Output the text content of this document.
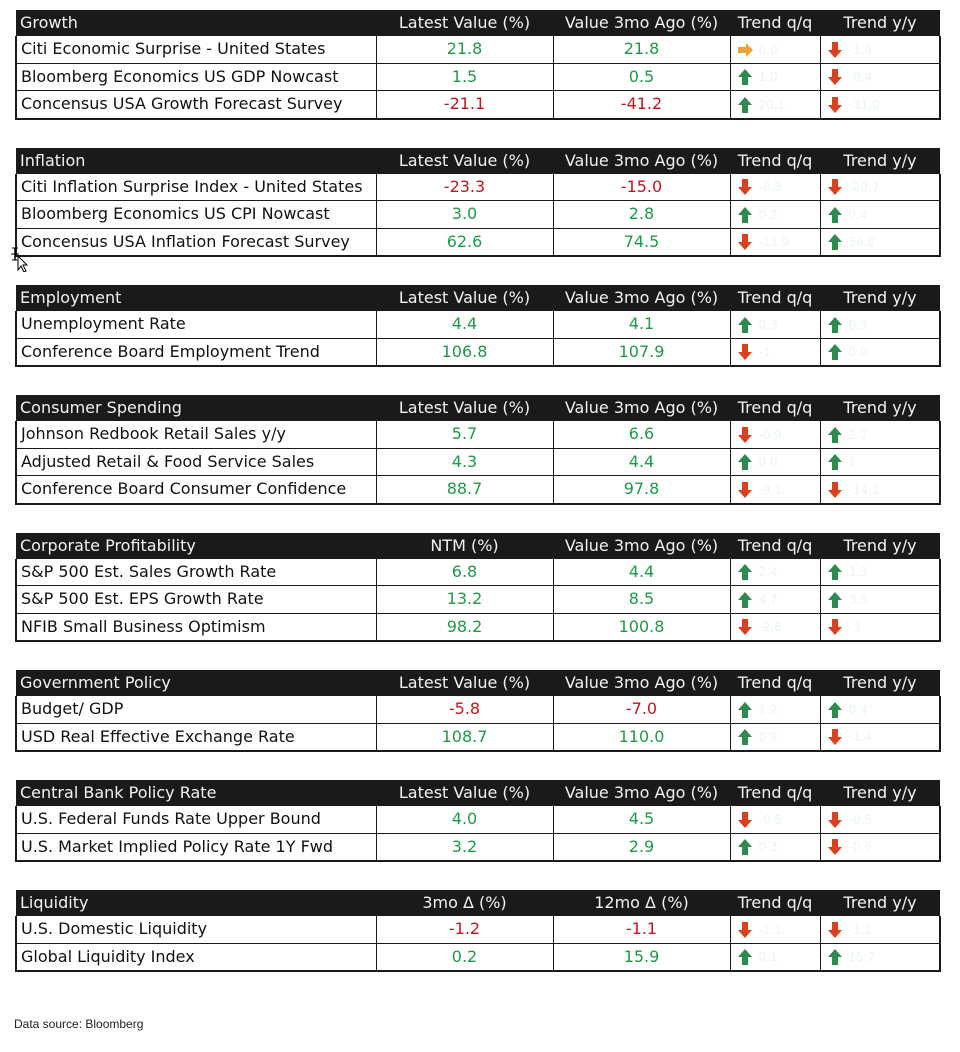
Growth	Latest Value (%)	Value 3mo Ago (%)	Trend q/q	Trend y/y
Citi Economic Surprise - United States	21.8	21.8	0.0	-1.4
Bloomberg Economics US GDP Nowcast	1.5	0.5	1.0	-0.4
Concensus USA Growth Forecast Survey	-21.1	-41.2	20.1	-31.0
Inflation	Latest Value (%)	Value 3mo Ago (%)	Trend q/q	Trend y/y
Citi Inflation Surprise Index - United States	-23.3	-15.0	-8.3	-20.7
Bloomberg Economics US CPI Nowcast	3.0	2.8	0.2	0.4
Concensus USA Inflation Forecast Survey	62.6	74.5	-11.9	50.0
Employment	Latest Value (%)	Value 3mo Ago (%)	Trend q/q	Trend y/y
Unemployment Rate	4.4	4.1	0.3	0.3
Conference Board Employment Trend	106.8	107.9	-1	0.0
Consumer Spending	Latest Value (%)	Value 3mo Ago (%)	Trend q/q	Trend y/y
Johnson Redbook Retail Sales y/y	5.7	6.6	-0.9	2.2
Adjusted Retail & Food Service Sales	4.3	4.4	0.0	1
Conference Board Consumer Confidence	88.7	97.8	-9.1	-14.1
Corporate Profitability	NTM (%)	Value 3mo Ago (%)	Trend q/q	Trend y/y
S&P 500 Est. Sales Growth Rate	6.8	4.4	2.4	1.3
S&P 500 Est. EPS Growth Rate	13.2	8.5	4.7	3.5
NFIB Small Business Optimism	98.2	100.8	-2.6	-3
Government Policy	Latest Value (%)	Value 3mo Ago (%)	Trend q/q	Trend y/y
Budget/ GDP	-5.8	-7.0	1.2	0.4
USD Real Effective Exchange Rate	108.7	110.0	0.9	-1.4
Central Bank Policy Rate	Latest Value (%)	Value 3mo Ago (%)	Trend q/q	Trend y/y
U.S. Federal Funds Rate Upper Bound	4.0	4.5	-0.5	-0.5
U.S. Market Implied Policy Rate 1Y Fwd	3.2	2.9	0.3	-0.6
Liquidity	3mo Δ (%)	12mo Δ (%)	Trend q/q	Trend y/y
U.S. Domestic Liquidity	-1.2	-1.1	-1.1	-1.1
Global Liquidity Index	0.2	15.9	0.1	15.7
Data source: Bloomberg
